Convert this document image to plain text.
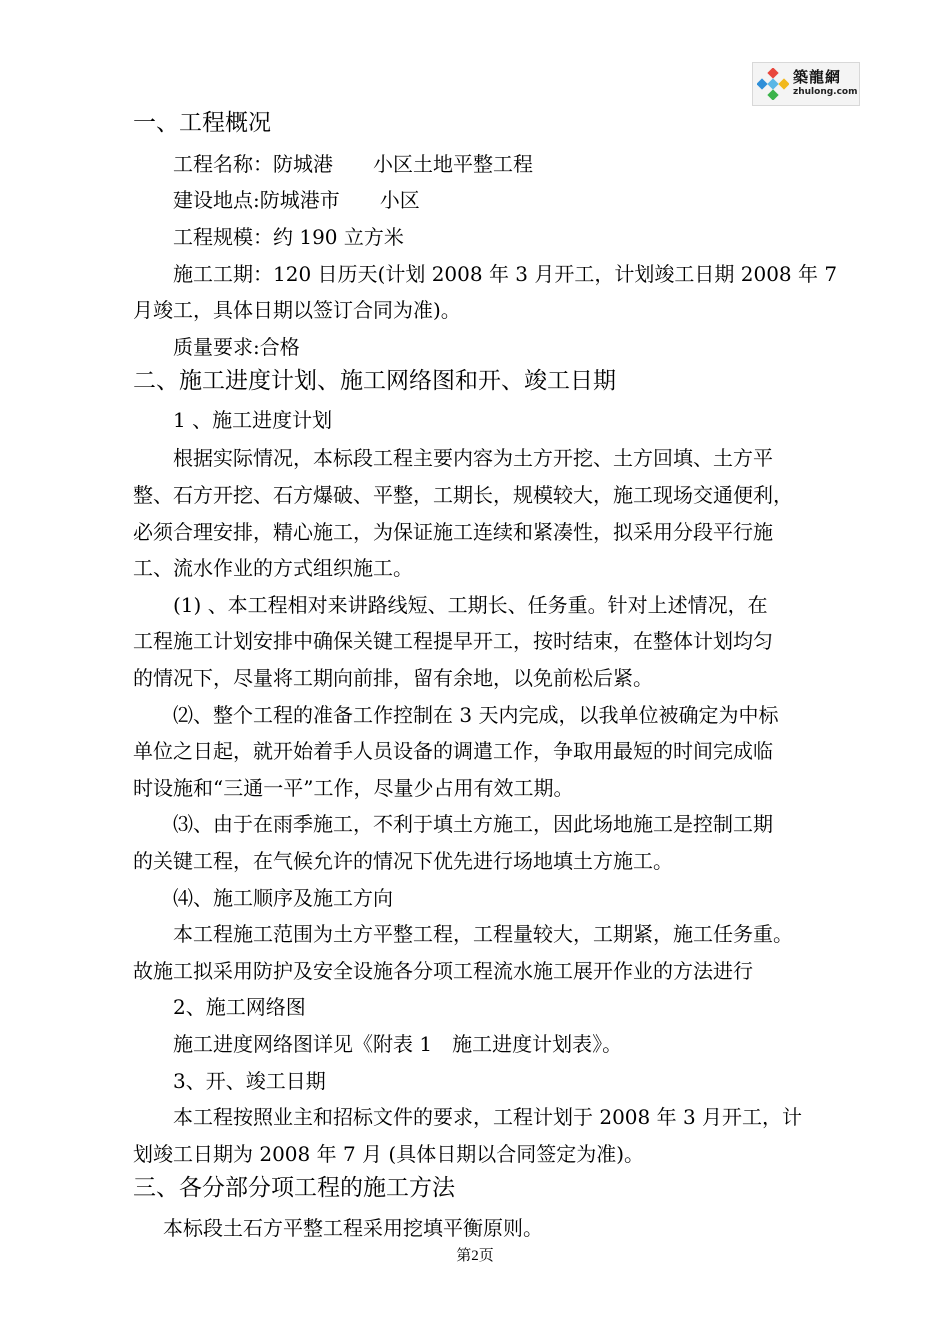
築龍網
zhulong.com
一、工程概况
工程名称：防城港　　小区土地平整工程
建设地点:防城港市　　小区
工程规模：约 190 立方米
施工工期：120 日历天(计划 2008 年 3 月开工，计划竣工日期 2008 年 7
月竣工，具体日期以签订合同为准)。
质量要求:合格
二、施工进度计划、施工网络图和开、竣工日期
1 、施工进度计划
根据实际情况，本标段工程主要内容为土方开挖、土方回填、土方平
整、石方开挖、石方爆破、平整，工期长，规模较大，施工现场交通便利，
必须合理安排，精心施工，为保证施工连续和紧凑性，拟采用分段平行施
工、流水作业的方式组织施工。
(1) 、本工程相对来讲路线短、工期长、任务重。针对上述情况，在
工程施工计划安排中确保关键工程提早开工，按时结束，在整体计划均匀
的情况下，尽量将工期向前排，留有余地，以免前松后紧。
⑵、整个工程的准备工作控制在 3 天内完成，以我单位被确定为中标
单位之日起，就开始着手人员设备的调遣工作，争取用最短的时间完成临
时设施和“三通一平”工作，尽量少占用有效工期。
⑶、由于在雨季施工，不利于填土方施工，因此场地施工是控制工期
的关键工程，在气候允许的情况下优先进行场地填土方施工。
⑷、施工顺序及施工方向
本工程施工范围为土方平整工程，工程量较大，工期紧，施工任务重。
故施工拟采用防护及安全设施各分项工程流水施工展开作业的方法进行
2、施工网络图
施工进度网络图详见《附表 1　施工进度计划表》。
3、开、竣工日期
本工程按照业主和招标文件的要求，工程计划于 2008 年 3 月开工，计
划竣工日期为 2008 年 7 月 (具体日期以合同签定为准)。
三、各分部分项工程的施工方法
本标段土石方平整工程采用挖填平衡原则。
第2页
